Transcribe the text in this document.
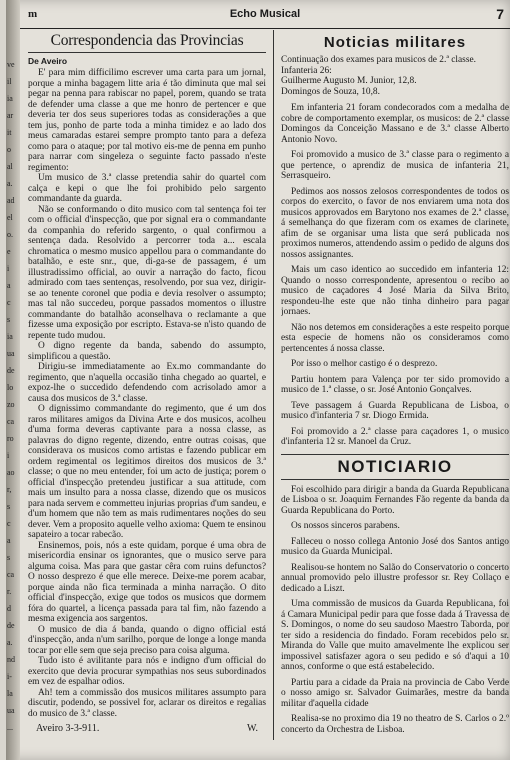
ve
il
ia
ar
it
o
al
a.
ad
el
o.
e
i
a
c
s
ia
ua
de
lo
zo
ca
ro
i
ao
r,
s
c
a
s
ca
r.
d
de
a.
nd
i-
la
ua
...
m	Echo Musical	7
Correspondencia das Provincias
De Aveiro

E' para mim difficilimo escrever uma carta para um jornal, porque a minha bagagem litte aria é tão diminuta que mal sei pegar na penna para rabiscar no papel, porem, quando se trata de defender uma classe a que me honro de pertencer e que deveria ter dos seus superiores todas as considerações a que tem jus, ponho de parte toda a minha timidez e ao lado dos meus camaradas estarei sempre prompto tanto para a defeza como para o ataque; por tal motivo eis-me de penna em punho para narrar com singeleza o seguinte facto passado n'este regimento:

Um musico de 3.ª classe pretendia sahir do quartel com calça e kepi o que lhe foi prohibido pelo sargento commandante da guarda.

Não se conformando o dito musico com tal sentença foi ter com o official d'inspecção, que por signal era o commandante da companhia do referido sargento, o qual confirmou a sentença dada. Resolvido a percorrer toda a... escala chromatica o mesmo musico appellou para o commandante do batalhão, e este snr., que, di-ga-se de passagem, é um illustradissimo official, ao ouvir a narração do facto, ficou admirado com taes sentenças, resolvendo, por sua vez, dirigir-se ao tenente coronel que podia e devia resolver o assumpto; mas tal não succedeu, porque passados momentos o illustre commandante do batalhão aconselhava o reclamante a que fizesse uma exposição por escripto. Estava-se n'isto quando de repente tudo mudou.

O digno regente da banda, sabendo do assumpto, simplificou a questão.

Dirigiu-se immediatamente ao Ex.mo commandante do regimento, que n'aquella occasião tinha chegado ao quartel, e expoz-lhe o succedido defendendo com acrisolado amor a causa dos musicos de 3.ª classe.

O dignissimo commandante do regimento, que é um dos raros militares amigos da Divina Arte e dos musicos, acolheu d'uma forma deveras captivante para a nossa classe, as palavras do digno regente, dizendo, entre outras coisas, que considerava os musicos como artistas e fazendo publicar em ordem regimental os legitimos direitos dos musicos de 3.ª classe; o que no meu entender, foi um acto de justiça; porem o official d'inspecção pretendeu justificar a sua attitude, com mais um insulto para a nossa classe, dizendo que os musicos para nada servem e commetteu injurias proprias d'um sandeu, e d'um homem que não tem as mais rudimentares noções do seu dever. Vem a proposito aquelle velho axioma: Quem te ensinou sapateiro a tocar rabecão.

Ensinemos, pois, nós a este quidam, porque é uma obra de misericordia ensinar os ignorantes, que o musico serve para alguma coisa. Mas para que gastar cêra com ruins defunctos? O nosso desprezo é que elle merece. Deixe-me porem acabar, porque ainda não fica terminada a minha narração. O dito official d'inspecção, exige que todos os musicos que dormem fóra do quartel, a licença passada para tal fim, não fazendo a mesma exigencia aos sargentos.

O musico de dia á banda, quando o digno official está d'inspecção, anda n'um sarilho, porque de longe a longe manda tocar por elle sem que seja preciso para coisa alguma.

Tudo isto é avilitante para nós e indigno d'um official do exercito que devia procurar sympathias nos seus subordinados em vez de espalhar odios.

Ah! tem a commissão dos musicos militares assumpto para discutir, podendo, se possivel for, aclarar os direitos e regalias do musico de 3.ª classe.

Aveiro 3-3-911.	W.
Noticias militares

Continuação dos exames para musicos de 2.ª classe.

Infanteria 26:

Guilherme Augusto M. Junior, 12,8.

Domingos de Souza, 10,8.

Em infanteria 21 foram condecorados com a medalha de cobre de comportamento exemplar, os musicos: de 2.ª classe Domingos da Conceição Massano e de 3.ª classe Alberto Antonio Novo.

Foi promovido a musico de 3.ª classe para o regimento a que pertence, o aprendiz de musica de infanteria 21, Serrasqueiro.

Pedimos aos nossos zelosos correspondentes de todos os corpos do exercito, o favor de nos enviarem uma nota dos musicos approvados em Barytono nos exames de 2.ª classe, á semelhança do que fizeram com os exames de clarinete, afim de se organisar uma lista que será publicada nos proximos numeros, attendendo assim o pedido de alguns dos nossos assignantes.

Mais um caso identico ao succedido em infanteria 12: Quando o nosso correspondente, apresentou o recibo ao musico de caçadores 4 José Maria da Silva Brito, respondeu-lhe este que não tinha dinheiro para pagar jornaes.

Não nos detemos em considerações a este respeito porque esta especie de homens não os consideramos como pertencentes á nossa classe.

Por isso o melhor castigo é o desprezo.

Partiu hontem para Valença por ter sido promovido a musico de 1.ª classe, o sr. José Antonio Gonçalves.

Teve passagem á Guarda Republicana de Lisboa, o musico d'infanteria 7 sr. Diogo Ermida.

Foi promovido a 2.ª classe para caçadores 1, o musico d'infanteria 12 sr. Manoel da Cruz.

NOTICIARIO

Foi escolhido para dirigir a banda da Guarda Republicana de Lisboa o sr. Joaquim Fernandes Fão regente da banda da Guarda Republicana do Porto.

Os nossos sinceros parabens.

Falleceu o nosso collega Antonio José dos Santos antigo musico da Guarda Municipal.

Realisou-se hontem no Salão do Conservatorio o concerto annual promovido pelo illustre professor sr. Rey Collaço e dedicado a Liszt.

Uma commissão de musicos da Guarda Republicana, foi á Camara Municipal pedir para que fosse dada á Travessa de S. Domingos, o nome do seu saudoso Maestro Taborda, por ter sido a residencia do findado. Foram recebidos pelo sr. Miranda do Valle que muito amavelmente lhe explicou ser impossivel satisfazer agora o seu pedido e só d'aqui a 10 annos, conforme o que está estabelecido.

Partiu para a cidade da Praia na provincia de Cabo Verde o nosso amigo sr. Salvador Guimarães, mestre da banda militar d'aquella cidade

Realisa-se no proximo dia 19 no theatro de S. Carlos o 2.º concerto da Orchestra de Lisboa.
